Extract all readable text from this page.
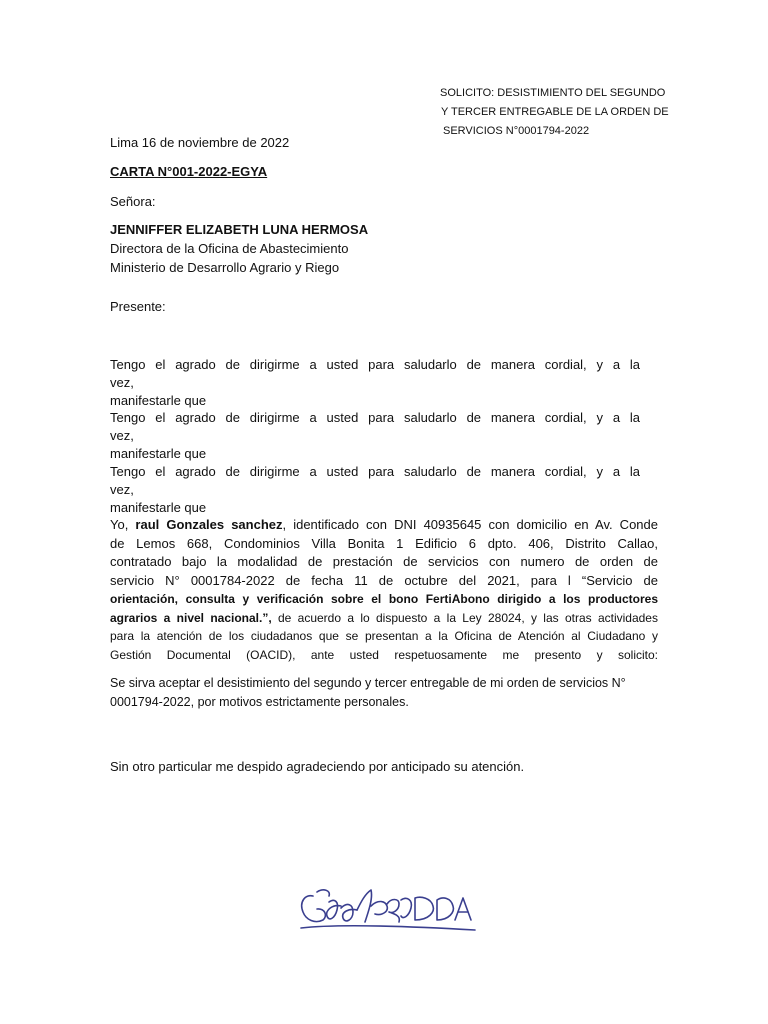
SOLICITO: DESISTIMIENTO DEL SEGUNDO
Y TERCER ENTREGABLE DE LA ORDEN DE
SERVICIOS N°0001794-2022

Lima 16 de noviembre de 2022

CARTA N°001-2022-EGYA

Señora:

JENNIFFER ELIZABETH LUNA HERMOSA

Directora de la Oficina de Abastecimiento

Ministerio de Desarrollo Agrario y Riego

Presente:

Tengo el agrado de dirigirme a usted para saludarlo de manera cordial, y a la
vez,
manifestarle que
Tengo el agrado de dirigirme a usted para saludarlo de manera cordial, y a la
vez,
manifestarle que
Tengo el agrado de dirigirme a usted para saludarlo de manera cordial, y a la
vez,
manifestarle que
Yo, raul Gonzales sanchez, identificado con DNI 40935645 con domicilio en Av. Conde
de Lemos 668, Condominios Villa Bonita 1 Edificio 6 dpto. 406, Distrito Callao,
contratado bajo la modalidad de prestación de servicios con numero de orden de
servicio N° 0001784-2022 de fecha 11 de octubre del 2021, para l “Servicio de
orientación, consulta y verificación sobre el bono FertiAbono dirigido a los productores
agrarios a nivel nacional.”, de acuerdo a lo dispuesto a la Ley 28024, y las otras actividades
para la atención de los ciudadanos que se presentan a la Oficina de Atención al Ciudadano y
Gestión Documental (OACID), ante usted respetuosamente me presento y solicito:
Se sirva aceptar el desistimiento del segundo y tercer entregable de mi orden de servicios N°
0001794-2022, por motivos estrictamente personales.

Sin otro particular me despido agradeciendo por anticipado su atención.
